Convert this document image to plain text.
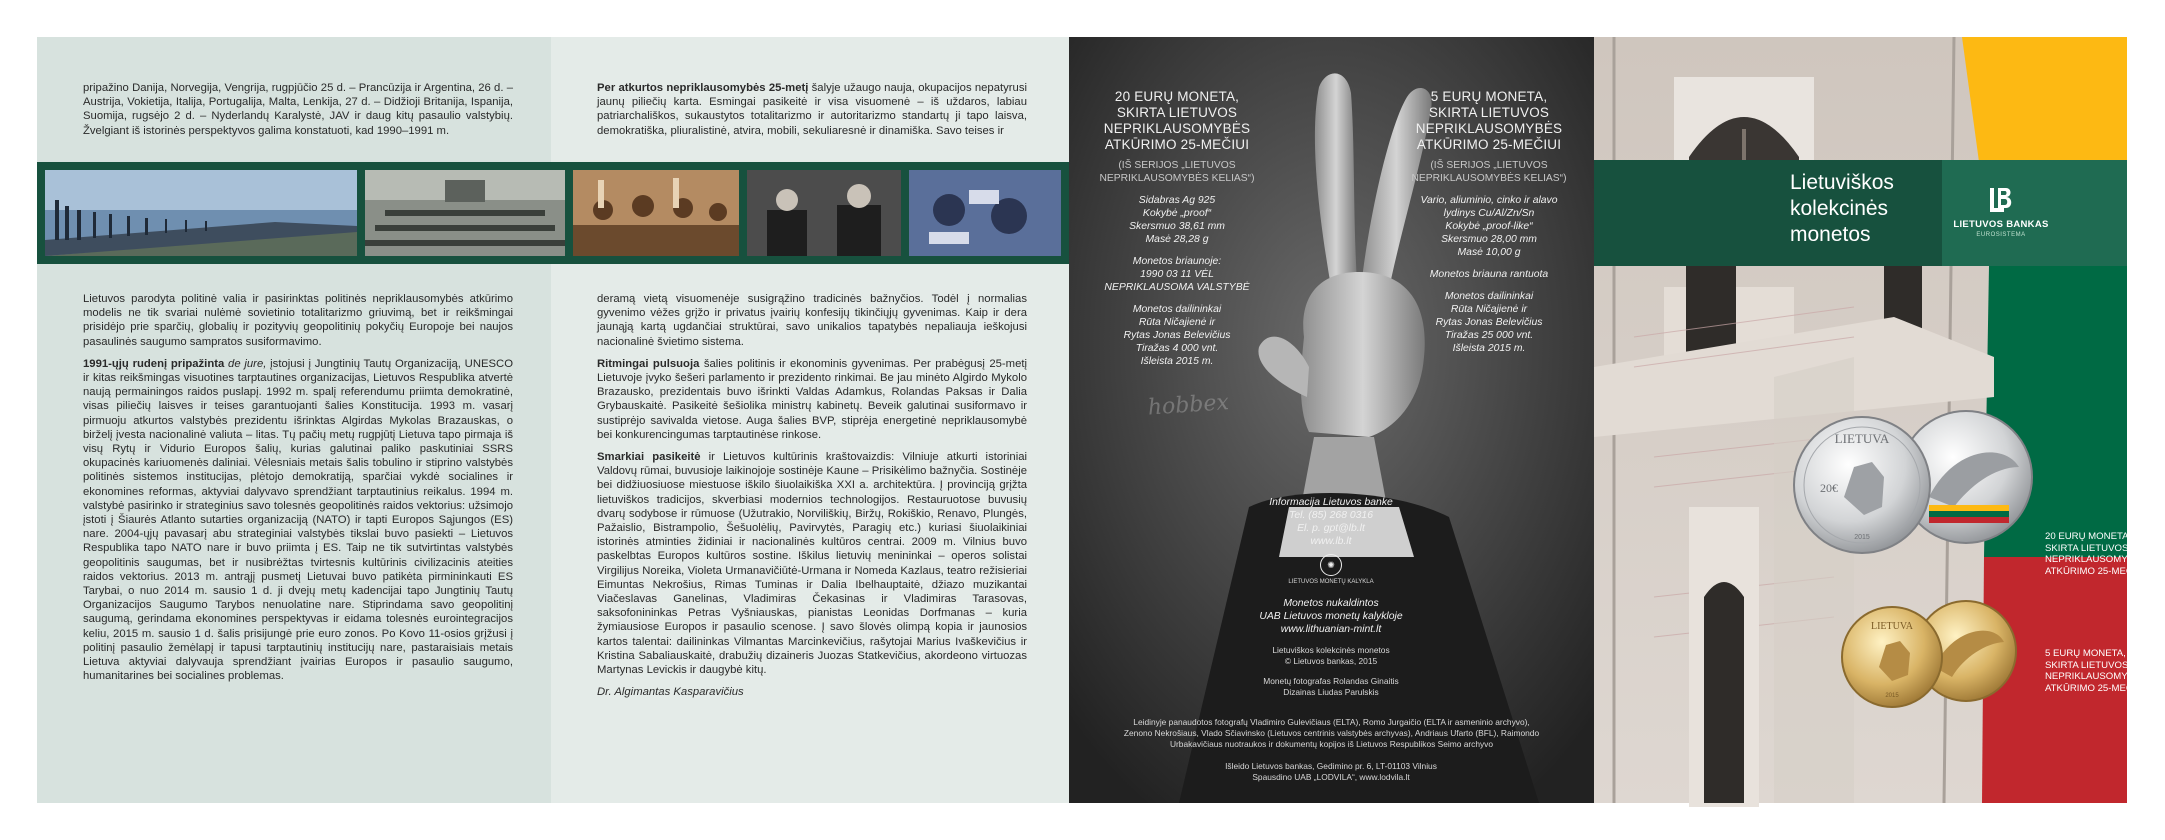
pripažino Danija, Norvegija, Vengrija, rugpjūčio 25 d. – Prancūzija ir Argentina, 26 d. – Austrija, Vokietija, Italija, Portugalija, Malta, Lenkija, 27 d. – Didžioji Britanija, Ispanija, Suomija, rugsėjo 2 d. – Nyderlandų Karalystė, JAV ir daug kitų pasaulio valstybių. Žvelgiant iš istorinės perspektyvos galima konstatuoti, kad 1990–1991 m.

Lietuvos parodyta politinė valia ir pasirinktas politinės nepriklausomybės atkūrimo modelis ne tik svariai nulėmė sovietinio totalitarizmo griuvimą, bet ir reikšmingai prisidėjo prie sparčių, globalių ir pozityvių geopolitinių pokyčių Europoje bei naujos pasaulinės saugumo sampratos susiformavimo.

1991-ųjų rudenį pripažinta de jure, įstojusi į Jungtinių Tautų Organizaciją, UNESCO ir kitas reikšmingas visuotines tarptautines organizacijas, Lietuvos Respublika atvertė naują permainingos raidos puslapį. 1992 m. spalį referendumu priimta demokratinė, visas piliečių laisves ir teises garantuojanti šalies Konstitucija. 1993 m. vasarį pirmuoju atkurtos valstybės prezidentu išrinktas Algirdas Mykolas Brazauskas, o birželį įvesta nacionalinė valiuta – litas. Tų pačių metų rugpjūtį Lietuva tapo pirmaja iš visų Rytų ir Vidurio Europos šalių, kurias galutinai paliko paskutiniai SSRS okupacinės kariuomenės daliniai. Vėlesniais metais šalis tobulino ir stiprino valstybės politinės sistemos institucijas, plėtojo demokratiją, sparčiai vykdė socialines ir ekonomines reformas, aktyviai dalyvavo sprendžiant tarptautinius reikalus. 1994 m. valstybė pasirinko ir strateginius savo tolesnės geopolitinės raidos vektorius: užsimojo įstoti į Šiaurės Atlanto sutarties organizaciją (NATO) ir tapti Europos Sąjungos (ES) nare. 2004-ųjų pavasarį abu strateginiai valstybės tikslai buvo pasiekti – Lietuvos Respublika tapo NATO nare ir buvo priimta į ES. Taip ne tik sutvirtintas valstybės geopolitinis saugumas, bet ir nusibrėžtas tvirtesnis kultūrinis civilizacinis ateities raidos vektorius. 2013 m. antrąjį pusmetį Lietuvai buvo patikėta pirmininkauti ES Tarybai, o nuo 2014 m. sausio 1 d. ji dvejų metų kadencijai tapo Jungtinių Tautų Organizacijos Saugumo Tarybos nenuolatine nare. Stiprindama savo geopolitinį saugumą, gerindama ekonomines perspektyvas ir eidama tolesnės eurointegracijos keliu, 2015 m. sausio 1 d. šalis prisijungė prie euro zonos. Po Kovo 11-osios grįžusi į politinį pasaulio žemėlapį ir tapusi tarptautinių institucijų nare, pastaraisiais metais Lietuva aktyviai dalyvauja sprendžiant įvairias Europos ir pasaulio saugumo, humanitarines bei socialines problemas.

Per atkurtos nepriklausomybės 25-metį šalyje užaugo nauja, okupacijos nepatyrusi jaunų piliečių karta. Esmingai pasikeitė ir visa visuomenė – iš uždaros, labiau patriarchališkos, sukaustytos totalitarizmo ir autoritarizmo standartų ji tapo laisva, demokratiška, pliuralistinė, atvira, mobili, sekuliaresnė ir dinamiška. Savo teises ir

deramą vietą visuomenėje susigrąžino tradicinės bažnyčios. Todėl į normalias gyvenimo vėžes grįžo ir privatus įvairių konfesijų tikinčiųjų gyvenimas. Kaip ir dera jaunąją kartą ugdančiai struktūrai, savo unikalios tapatybės nepaliauja ieškojusi nacionalinė švietimo sistema.

Ritmingai pulsuoja šalies politinis ir ekonominis gyvenimas. Per prabėgusį 25-metį Lietuvoje įvyko šešeri parlamento ir prezidento rinkimai. Be jau minėto Algirdo Mykolo Brazausko, prezidentais buvo išrinkti Valdas Adamkus, Rolandas Paksas ir Dalia Grybauskaitė. Pasikeitė šešiolika ministrų kabinetų. Beveik galutinai susiformavo ir sustiprėjo savivalda vietose. Auga šalies BVP, stiprėja energetinė nepriklausomybė bei konkurencingumas tarptautinėse rinkose.

Smarkiai pasikeitė ir Lietuvos kultūrinis kraštovaizdis: Vilniuje atkurti istoriniai Valdovų rūmai, buvusioje laikinojoje sostinėje Kaune – Prisikėlimo bažnyčia. Sostinėje bei didžiuosiuose miestuose iškilo šiuolaikiška XXI a. architektūra. Į provinciją grįžta lietuviškos tradicijos, skverbiasi modernios technologijos. Restauruotose buvusių dvarų sodybose ir rūmuose (Užutrakio, Norviliškių, Biržų, Rokiškio, Renavo, Plungės, Pažaislio, Bistrampolio, Šešuolėlių, Pavirvytės, Paragių etc.) kuriasi šiuolaikiniai istorinės atminties židiniai ir nacionalinės kultūros centrai. 2009 m. Vilnius buvo paskelbtas Europos kultūros sostine. Iškilus lietuvių menininkai – operos solistai Virgilijus Noreika, Violeta Urmanavičiūtė-Urmana ir Nomeda Kazlaus, teatro režisieriai Eimuntas Nekrošius, Rimas Tuminas ir Dalia Ibelhauptaitė, džiazo muzikantai Viačeslavas Ganelinas, Vladimiras Čekasinas ir Vladimiras Tarasovas, saksofonininkas Petras Vyšniauskas, pianistas Leonidas Dorfmanas – kuria žymiausiose Europos ir pasaulio scenose. Į savo šlovės olimpą kopia ir jaunosios kartos talentai: dailininkas Vilmantas Marcinkevičius, rašytojai Marius Ivaškevičius ir Kristina Sabaliauskaitė, drabužių dizaineris Juozas Statkevičius, akordeono virtuozas Martynas Levickis ir daugybė kitų.

Dr. Algimantas Kasparavičius

20 EURŲ MONETA,
SKIRTA LIETUVOS
NEPRIKLAUSOMYBĖS
ATKŪRIMO 25-MEČIUI
(IŠ SERIJOS „LIETUVOS
NEPRIKLAUSOMYBĖS KELIAS“)
Sidabras Ag 925
Kokybė „proof“
Skersmuo 38,61 mm
Masė 28,28 g
Monetos briaunoje:
1990 03 11 VĖL
NEPRIKLAUSOMA VALSTYBĖ
Monetos dailininkai
Rūta Ničajienė ir
Rytas Jonas Belevičius
Tiražas 4 000 vnt.
Išleista 2015 m.
5 EURŲ MONETA,
SKIRTA LIETUVOS
NEPRIKLAUSOMYBĖS
ATKŪRIMO 25-MEČIUI
(IŠ SERIJOS „LIETUVOS
NEPRIKLAUSOMYBĖS KELIAS“)
Vario, aliuminio, cinko ir alavo
lydinys Cu/Al/Zn/Sn
Kokybė „proof-like“
Skersmuo 28,00 mm
Masė 10,00 g
Monetos briauna rantuota
Monetos dailininkai
Rūta Ničajienė ir
Rytas Jonas Belevičius
Tiražas 25 000 vnt.
Išleista 2015 m.
hobbex
Informacija Lietuvos banke
Tel. (85) 268 0316
El. p. gpt@lb.lt
www.lb.lt
✺
LIETUVOS MONETŲ KALYKLA
Monetos nukaldintos
UAB Lietuvos monetų kalykloje
www.lithuanian-mint.lt
Lietuviškos kolekcinės monetos
© Lietuvos bankas, 2015
Monetų fotografas Rolandas Ginaitis
Dizainas Liudas Parulskis
Leidinyje panaudotos fotografų Vladimiro Gulevičiaus (ELTA), Romo Jurgaičio (ELTA ir asmeninio archyvo), Zenono Nekrošiaus, Vlado Sčiavinsko (Lietuvos centrinis valstybės archyvas), Andriaus Ufarto (BFL), Raimondo Urbakavičiaus nuotraukos ir dokumentų kopijos iš Lietuvos Respublikos Seimo archyvo
Išleido Lietuvos bankas, Gedimino pr. 6, LT-01103 Vilnius
Spausdino UAB „LODVILA“, www.lodvila.lt
Lietuviškos
kolekcinės
monetos	LIETUVOS BANKAS
EUROSISTEMA
LIETUVA
20€
2015
LIETUVA
2015
20 EURŲ MONETA,
SKIRTA LIETUVOS
NEPRIKLAUSOMYBĖS
ATKŪRIMO 25-MEČIUI
5 EURŲ MONETA,
SKIRTA LIETUVOS
NEPRIKLAUSOMYBĖS
ATKŪRIMO 25-MEČIUI
